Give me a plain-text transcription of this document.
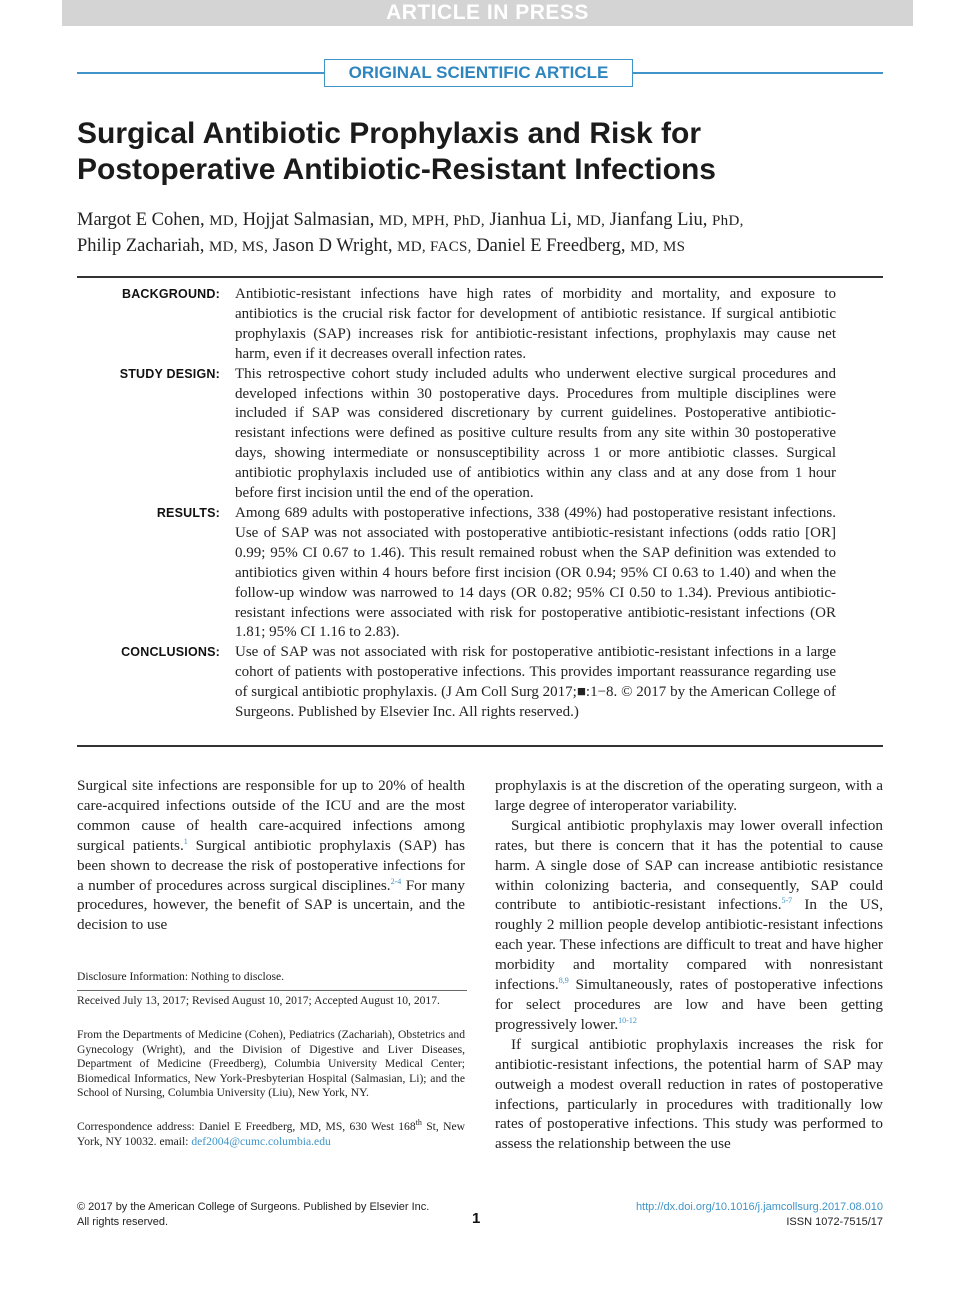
ARTICLE IN PRESS
ORIGINAL SCIENTIFIC ARTICLE
Surgical Antibiotic Prophylaxis and Risk for
Postoperative Antibiotic-Resistant Infections
Margot E Cohen, MD, Hojjat Salmasian, MD, MPH, PhD, Jianhua Li, MD, Jianfang Liu, PhD,
Philip Zachariah, MD, MS, Jason D Wright, MD, FACS, Daniel E Freedberg, MD, MS
BACKGROUND: Antibiotic-resistant infections have high rates of morbidity and mortality, and exposure to antibiotics is the crucial risk factor for development of antibiotic resistance. If surgical antibiotic prophylaxis (SAP) increases risk for antibiotic-resistant infections, prophylaxis may cause net harm, even if it decreases overall infection rates.
STUDY DESIGN: This retrospective cohort study included adults who underwent elective surgical procedures and developed infections within 30 postoperative days. Procedures from multiple disciplines were included if SAP was considered discretionary by current guidelines. Postoperative antibiotic-resistant infections were defined as positive culture results from any site within 30 postoperative days, showing intermediate or nonsusceptibility across 1 or more antibiotic classes. Surgical antibiotic prophylaxis included use of antibiotics within any class and at any dose from 1 hour before first incision until the end of the operation.
RESULTS: Among 689 adults with postoperative infections, 338 (49%) had postoperative resistant infections. Use of SAP was not associated with postoperative antibiotic-resistant infections (odds ratio [OR] 0.99; 95% CI 0.67 to 1.46). This result remained robust when the SAP definition was extended to antibiotics given within 4 hours before first incision (OR 0.94; 95% CI 0.63 to 1.40) and when the follow-up window was narrowed to 14 days (OR 0.82; 95% CI 0.50 to 1.34). Previous antibiotic-resistant infections were associated with risk for postoperative antibiotic-resistant infections (OR 1.81; 95% CI 1.16 to 2.83).
CONCLUSIONS: Use of SAP was not associated with risk for postoperative antibiotic-resistant infections in a large cohort of patients with postoperative infections. This provides important reassurance regarding use of surgical antibiotic prophylaxis. (J Am Coll Surg 2017;■:1−8. © 2017 by the American College of Surgeons. Published by Elsevier Inc. All rights reserved.)

Surgical site infections are responsible for up to 20% of health care-acquired infections outside of the ICU and are the most common cause of health care-acquired infections among surgical patients.$^1$ Surgical antibiotic prophylaxis (SAP) has been shown to decrease the risk of postoperative infections for a number of procedures across surgical disciplines.$^{2-4}$ For many procedures, however, the benefit of SAP is uncertain, and the decision to use

prophylaxis is at the discretion of the operating surgeon, with a large degree of interoperator variability.

Surgical antibiotic prophylaxis may lower overall infection rates, but there is concern that it has the potential to cause harm. A single dose of SAP can increase antibiotic resistance within colonizing bacteria, and consequently, SAP could contribute to antibiotic-resistant infections.$^{5-7}$ In the US, roughly 2 million people develop antibiotic-resistant infections each year. These infections are difficult to treat and have higher morbidity and mortality compared with nonresistant infections.$^{8,9}$ Simultaneously, rates of postoperative infections for select procedures are low and have been getting progressively lower.$^{10-12}$

If surgical antibiotic prophylaxis increases the risk for antibiotic-resistant infections, the potential harm of SAP may outweigh a modest overall reduction in rates of postoperative infections, particularly in procedures with traditionally low rates of postoperative infections. This study was performed to assess the relationship between the use

Disclosure Information: Nothing to disclose.

Received July 13, 2017; Revised August 10, 2017; Accepted August 10, 2017.

From the Departments of Medicine (Cohen), Pediatrics (Zachariah), Obstetrics and Gynecology (Wright), and the Division of Digestive and Liver Diseases, Department of Medicine (Freedberg), Columbia University Medical Center; Biomedical Informatics, New York-Presbyterian Hospital (Salmasian, Li); and the School of Nursing, Columbia University (Liu), New York, NY.

Correspondence address: Daniel E Freedberg, MD, MS, 630 West 168th St, New York, NY 10032. email: def2004@cumc.columbia.edu

© 2017 by the American College of Surgeons. Published by Elsevier Inc.
All rights reserved.	1
http://dx.doi.org/10.1016/j.jamcollsurg.2017.08.010
ISSN 1072-7515/17
